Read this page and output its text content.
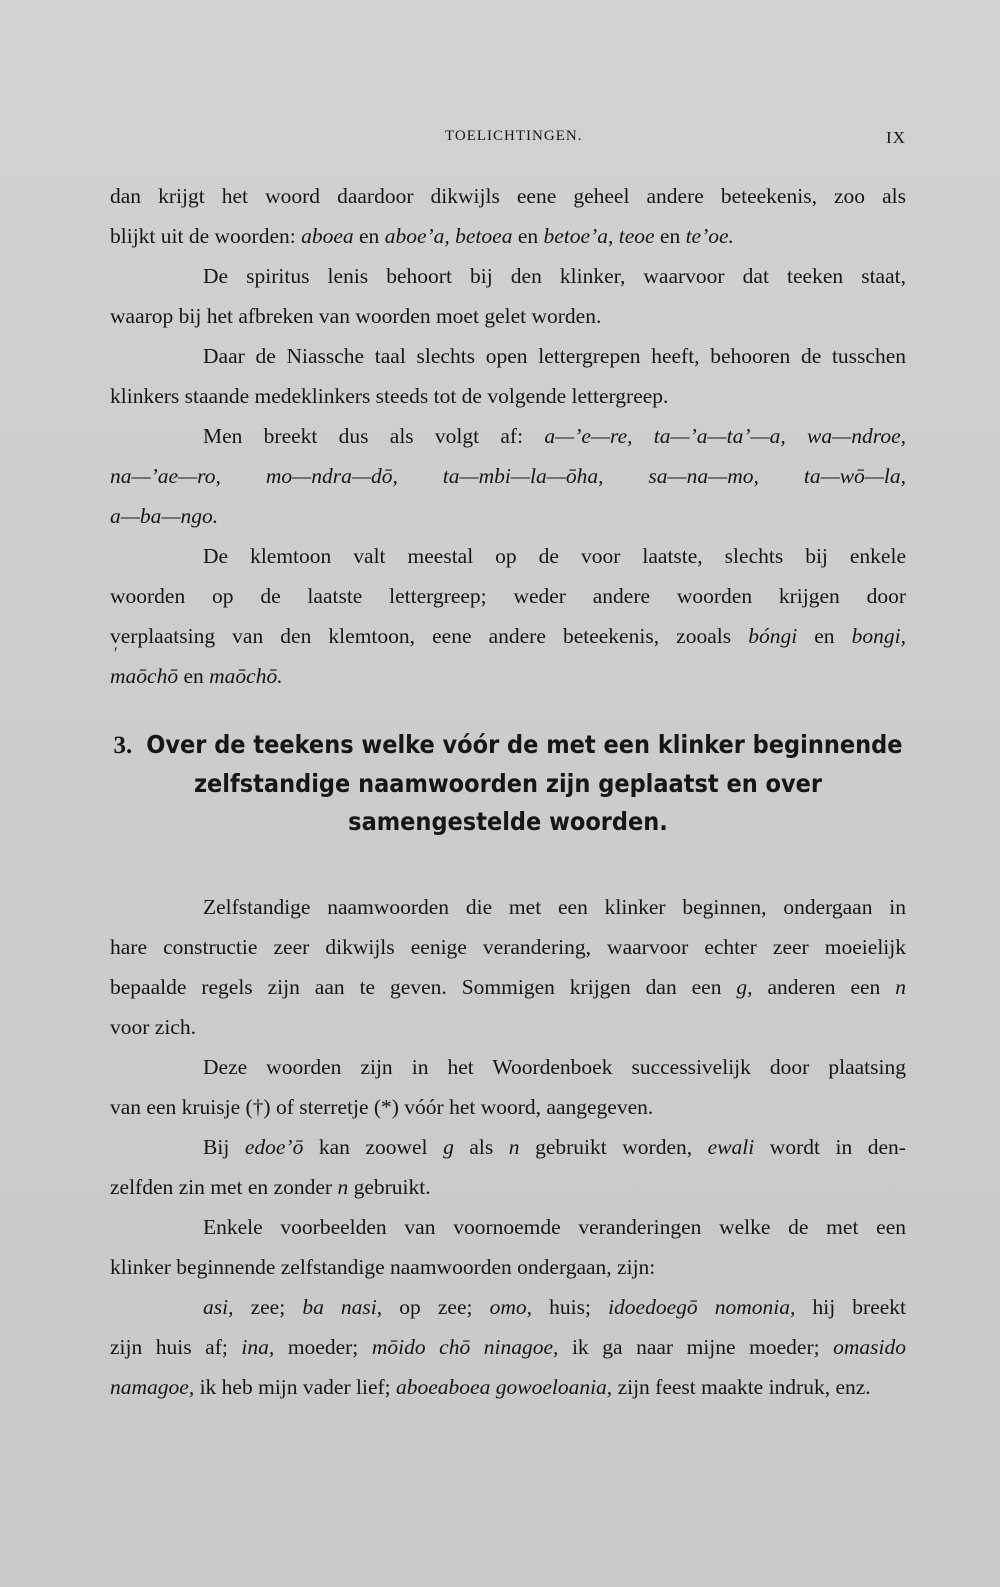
TOELICHTINGEN.	IX
dan krijgt het woord daardoor dikwijls eene geheel andere beteekenis, zoo als
blijkt uit de woorden: aboea en aboe’a, betoea en betoe’a, teoe en te’oe.
De spiritus lenis behoort bij den klinker, waarvoor dat teeken staat,
waarop bij het afbreken van woorden moet gelet worden.
Daar de Niassche taal slechts open lettergrepen heeft, behooren de tusschen
klinkers staande medeklinkers steeds tot de volgende lettergreep.
Men breekt dus als volgt af: a—’e—re, ta—’a—ta’—a, wa—ndroe,
na—’ae—ro, mo—ndra—dō, ta—mbi—la—ōha, sa—na—mo, ta—wō—la,
a—ba—ngo.
De klemtoon valt meestal op de voor laatste, slechts bij enkele
woorden op de laatste lettergreep; weder andere woorden krijgen door
verplaatsing van den klemtoon, eene andere beteekenis, zooals bóngi en bongi,
′ maōchō en maōchō.
3. Over de teekens welke vóór de met een klinker beginnende
zelfstandige naamwoorden zijn geplaatst en over
samengestelde woorden.
Zelfstandige naamwoorden die met een klinker beginnen, ondergaan in
hare constructie zeer dikwijls eenige verandering, waarvoor echter zeer moeielijk
bepaalde regels zijn aan te geven. Sommigen krijgen dan een g, anderen een n
voor zich.
Deze woorden zijn in het Woordenboek successivelijk door plaatsing
van een kruisje (†) of sterretje (*) vóór het woord, aangegeven.
Bij edoe’ō kan zoowel g als n gebruikt worden, ewali wordt in den-
zelfden zin met en zonder n gebruikt.
Enkele voorbeelden van voornoemde veranderingen welke de met een
klinker beginnende zelfstandige naamwoorden ondergaan, zijn:
asi, zee; ba nasi, op zee; omo, huis; idoedoegō nomonia, hij breekt
zijn huis af; ina, moeder; mōido chō ninagoe, ik ga naar mijne moeder; omasido
namagoe, ik heb mijn vader lief; aboeaboea gowoeloania, zijn feest maakte indruk, enz.
